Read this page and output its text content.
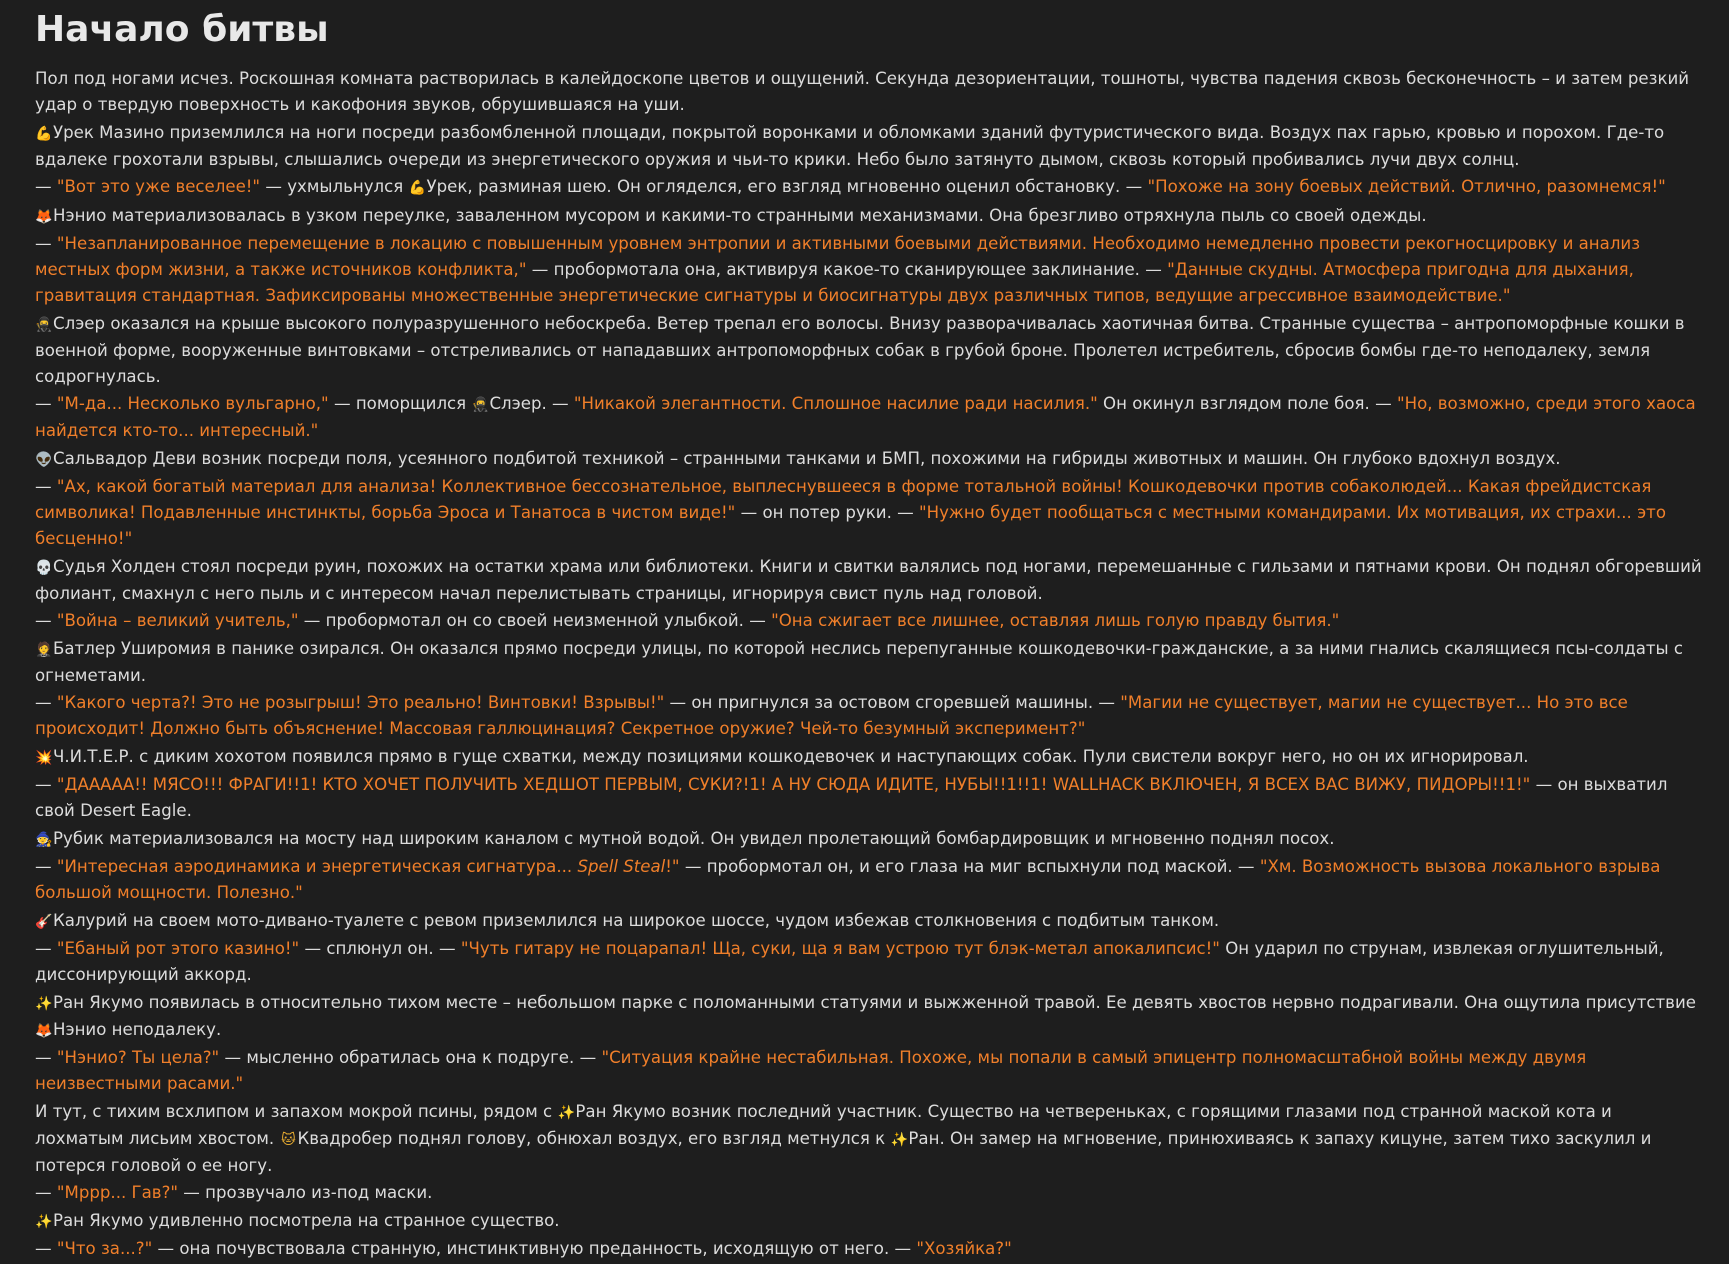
Начало битвы

Пол под ногами исчез. Роскошная комната растворилась в калейдоскопе цветов и ощущений. Секунда дезориентации, тошноты, чувства падения сквозь бесконечность – и затем резкий удар о твердую поверхность и какофония звуков, обрушившаяся на уши.

💪Урек Мазино приземлился на ноги посреди разбомбленной площади, покрытой воронками и обломками зданий футуристического вида. Воздух пах гарью, кровью и порохом. Где-то вдалеке грохотали взрывы, слышались очереди из энергетического оружия и чьи-то крики. Небо было затянуто дымом, сквозь который пробивались лучи двух солнц.

— "Вот это уже веселее!" — ухмыльнулся 💪Урек, разминая шею. Он огляделся, его взгляд мгновенно оценил обстановку. — "Похоже на зону боевых действий. Отлично, разомнемся!"

🦊Нэнио материализовалась в узком переулке, заваленном мусором и какими-то странными механизмами. Она брезгливо отряхнула пыль со своей одежды.

— "Незапланированное перемещение в локацию с повышенным уровнем энтропии и активными боевыми действиями. Необходимо немедленно провести рекогносцировку и анализ местных форм жизни, а также источников конфликта," — пробормотала она, активируя какое-то сканирующее заклинание. — "Данные скудны. Атмосфера пригодна для дыхания, гравитация стандартная. Зафиксированы множественные энергетические сигнатуры и биосигнатуры двух различных типов, ведущие агрессивное взаимодействие."

🥷Слэер оказался на крыше высокого полуразрушенного небоскреба. Ветер трепал его волосы. Внизу разворачивалась хаотичная битва. Странные существа – антропоморфные кошки в военной форме, вооруженные винтовками – отстреливались от нападавших антропоморфных собак в грубой броне. Пролетел истребитель, сбросив бомбы где-то неподалеку, земля содрогнулась.

— "М-да... Несколько вульгарно," — поморщился 🥷Слэер. — "Никакой элегантности. Сплошное насилие ради насилия." Он окинул взглядом поле боя. — "Но, возможно, среди этого хаоса найдется кто-то... интересный."

👽Сальвадор Деви возник посреди поля, усеянного подбитой техникой – странными танками и БМП, похожими на гибриды животных и машин. Он глубоко вдохнул воздух.

— "Ах, какой богатый материал для анализа! Коллективное бессознательное, выплеснувшееся в форме тотальной войны! Кошкодевочки против собаколюдей... Какая фрейдистская символика! Подавленные инстинкты, борьба Эроса и Танатоса в чистом виде!" — он потер руки. — "Нужно будет пообщаться с местными командирами. Их мотивация, их страхи... это бесценно!"

💀Судья Холден стоял посреди руин, похожих на остатки храма или библиотеки. Книги и свитки валялись под ногами, перемешанные с гильзами и пятнами крови. Он поднял обгоревший фолиант, смахнул с него пыль и с интересом начал перелистывать страницы, игнорируя свист пуль над головой.

— "Война – великий учитель," — пробормотал он со своей неизменной улыбкой. — "Она сжигает все лишнее, оставляя лишь голую правду бытия."

🤵Батлер Уширомия в панике озирался. Он оказался прямо посреди улицы, по которой неслись перепуганные кошкодевочки-гражданские, а за ними гнались скалящиеся псы-солдаты с огнеметами.

— "Какого черта?! Это не розыгрыш! Это реально! Винтовки! Взрывы!" — он пригнулся за остовом сгоревшей машины. — "Магии не существует, магии не существует... Но это все происходит! Должно быть объяснение! Массовая галлюцинация? Секретное оружие? Чей-то безумный эксперимент?"

💥Ч.И.Т.Е.Р. с диким хохотом появился прямо в гуще схватки, между позициями кошкодевочек и наступающих собак. Пули свистели вокруг него, но он их игнорировал.

— "ДААААА!! МЯСО!!! ФРАГИ!!1! КТО ХОЧЕТ ПОЛУЧИТЬ ХЕДШОТ ПЕРВЫМ, СУКИ?!1! А НУ СЮДА ИДИТЕ, НУБЫ!!1!!1! WALLHACK ВКЛЮЧЕН, Я ВСЕХ ВАС ВИЖУ, ПИДОРЫ!!1!" — он выхватил свой Desert Eagle.

🧙Рубик материализовался на мосту над широким каналом с мутной водой. Он увидел пролетающий бомбардировщик и мгновенно поднял посох.

— "Интересная аэродинамика и энергетическая сигнатура... Spell Steal!" — пробормотал он, и его глаза на миг вспыхнули под маской. — "Хм. Возможность вызова локального взрыва большой мощности. Полезно."

🎸Калурий на своем мото-дивано-туалете с ревом приземлился на широкое шоссе, чудом избежав столкновения с подбитым танком.

— "Ебаный рот этого казино!" — сплюнул он. — "Чуть гитару не поцарапал! Ща, суки, ща я вам устрою тут блэк-метал апокалипсис!" Он ударил по струнам, извлекая оглушительный, диссонирующий аккорд.

✨Ран Якумо появилась в относительно тихом месте – небольшом парке с поломанными статуями и выжженной травой. Ее девять хвостов нервно подрагивали. Она ощутила присутствие 🦊Нэнио неподалеку.

— "Нэнио? Ты цела?" — мысленно обратилась она к подруге. — "Ситуация крайне нестабильная. Похоже, мы попали в самый эпицентр полномасштабной войны между двумя неизвестными расами."

И тут, с тихим всхлипом и запахом мокрой псины, рядом с ✨Ран Якумо возник последний участник. Существо на четвереньках, с горящими глазами под странной маской кота и лохматым лисьим хвостом. 🐱 Квадробер поднял голову, обнюхал воздух, его взгляд метнулся к ✨Ран. Он замер на мгновение, принюхиваясь к запаху кицуне, затем тихо заскулил и потерся головой о ее ногу.

— "Мррр... Гав?" — прозвучало из-под маски.

✨Ран Якумо удивленно посмотрела на странное существо.

— "Что за...?" — она почувствовала странную, инстинктивную преданность, исходящую от него. — "Хозяйка?"
